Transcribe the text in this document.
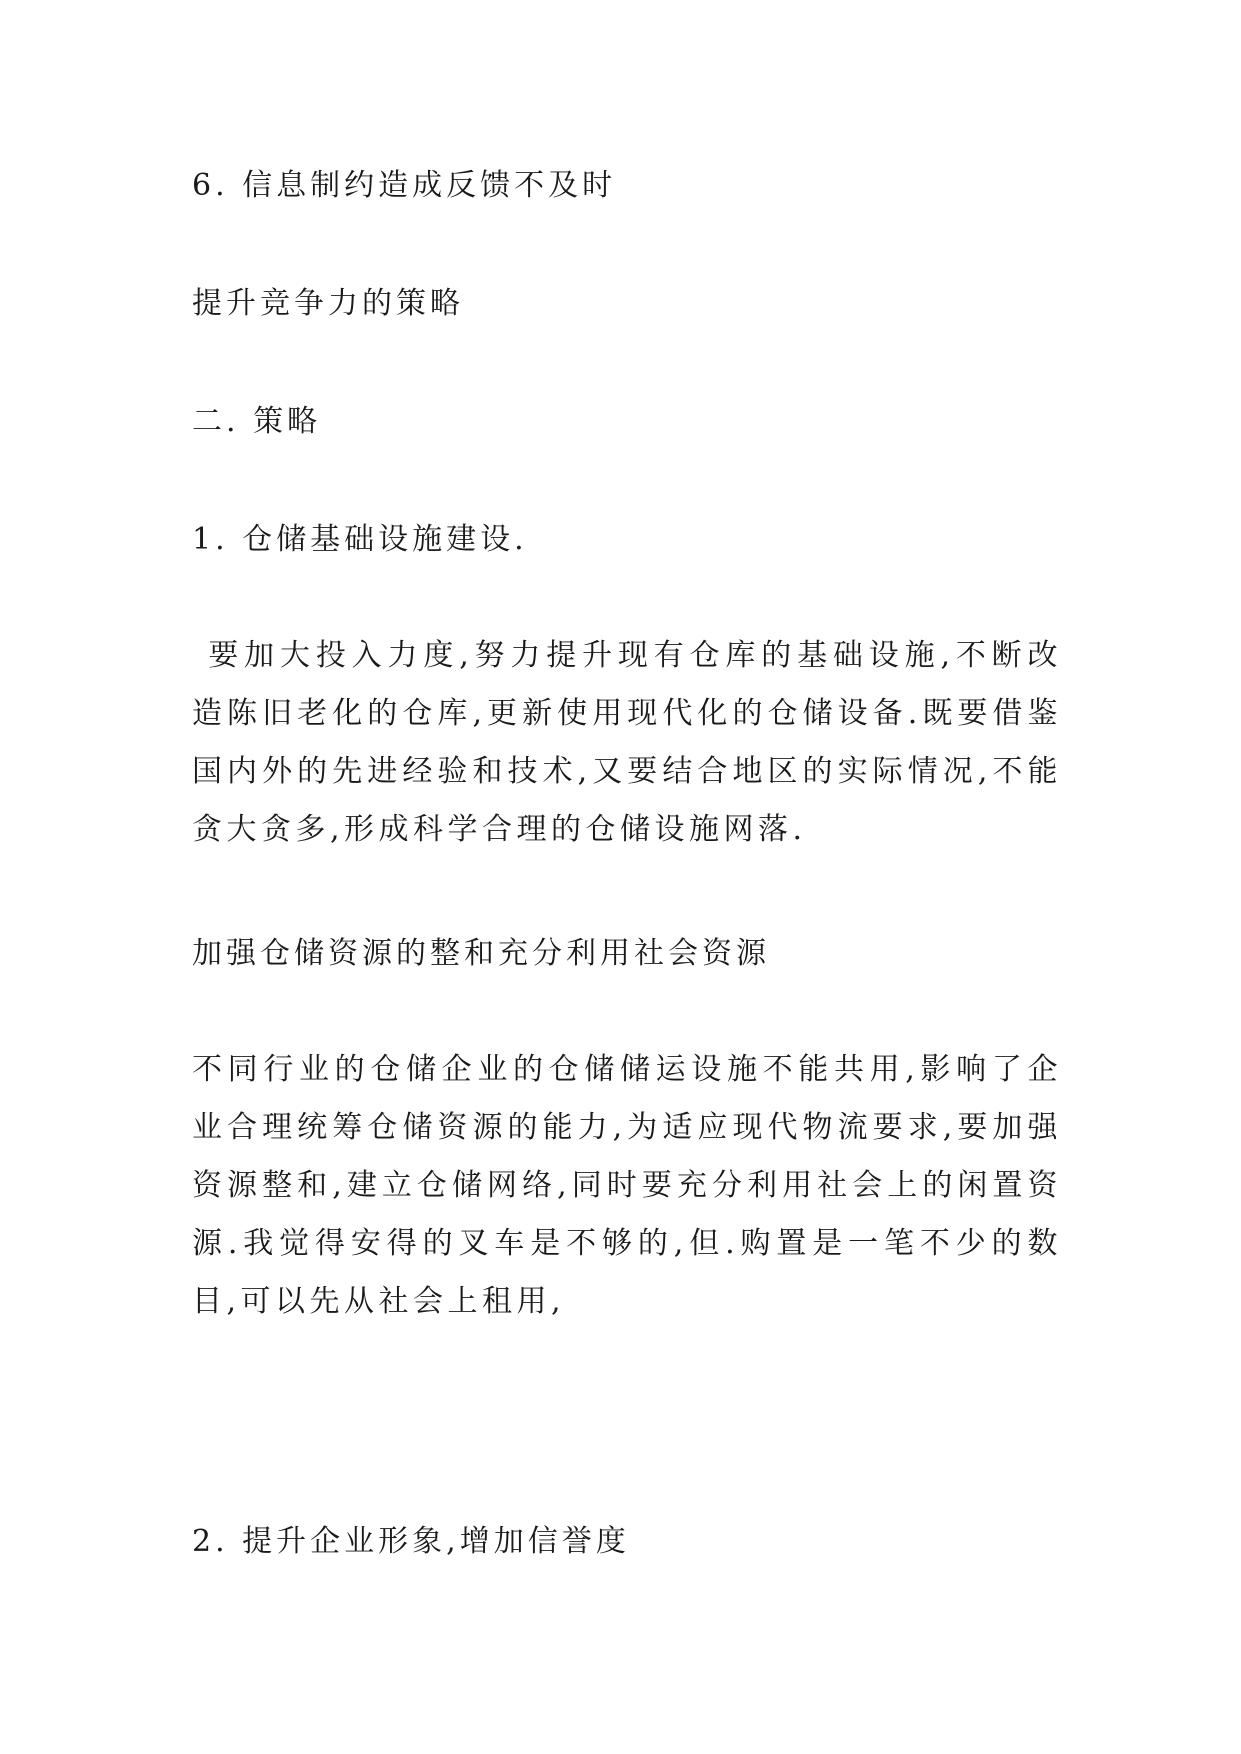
6. 信息制约造成反馈不及时

提升竞争力的策略

二. 策略

1. 仓储基础设施建设.

要加大投入力度,努力提升现有仓库的基础设施,不断改造陈旧老化的仓库,更新使用现代化的仓储设备.既要借鉴国内外的先进经验和技术,又要结合地区的实际情况,不能贪大贪多,形成科学合理的仓储设施网落.

加强仓储资源的整和充分利用社会资源

不同行业的仓储企业的仓储储运设施不能共用,影响了企业合理统筹仓储资源的能力,为适应现代物流要求,要加强资源整和,建立仓储网络,同时要充分利用社会上的闲置资源.我觉得安得的叉车是不够的,但.购置是一笔不少的数目,可以先从社会上租用,

2. 提升企业形象,增加信誉度
